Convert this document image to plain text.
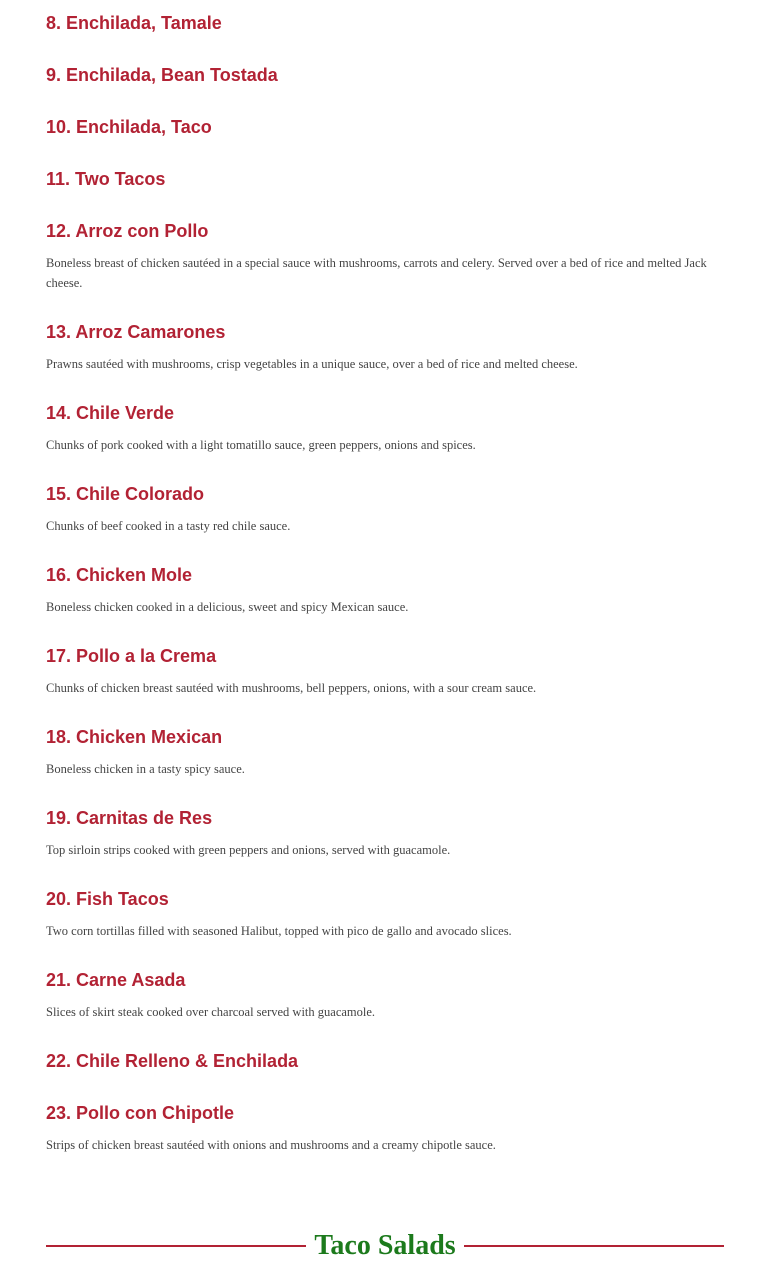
8. Enchilada, Tamale
9. Enchilada, Bean Tostada
10. Enchilada, Taco
11. Two Tacos
12. Arroz con Pollo
Boneless breast of chicken sautéed in a special sauce with mushrooms, carrots and celery. Served over a bed of rice and melted Jack cheese.
13. Arroz Camarones
Prawns sautéed with mushrooms, crisp vegetables in a unique sauce, over a bed of rice and melted cheese.
14. Chile Verde
Chunks of pork cooked with a light tomatillo sauce, green peppers, onions and spices.
15. Chile Colorado
Chunks of beef cooked in a tasty red chile sauce.
16. Chicken Mole
Boneless chicken cooked in a delicious, sweet and spicy Mexican sauce.
17. Pollo a la Crema
Chunks of chicken breast sautéed with mushrooms, bell peppers, onions, with a sour cream sauce.
18. Chicken Mexican
Boneless chicken in a tasty spicy sauce.
19. Carnitas de Res
Top sirloin strips cooked with green peppers and onions, served with guacamole.
20. Fish Tacos
Two corn tortillas filled with seasoned Halibut, topped with pico de gallo and avocado slices.
21. Carne Asada
Slices of skirt steak cooked over charcoal served with guacamole.
22. Chile Relleno & Enchilada
23. Pollo con Chipotle
Strips of chicken breast sautéed with onions and mushrooms and a creamy chipotle sauce.
Taco Salads
